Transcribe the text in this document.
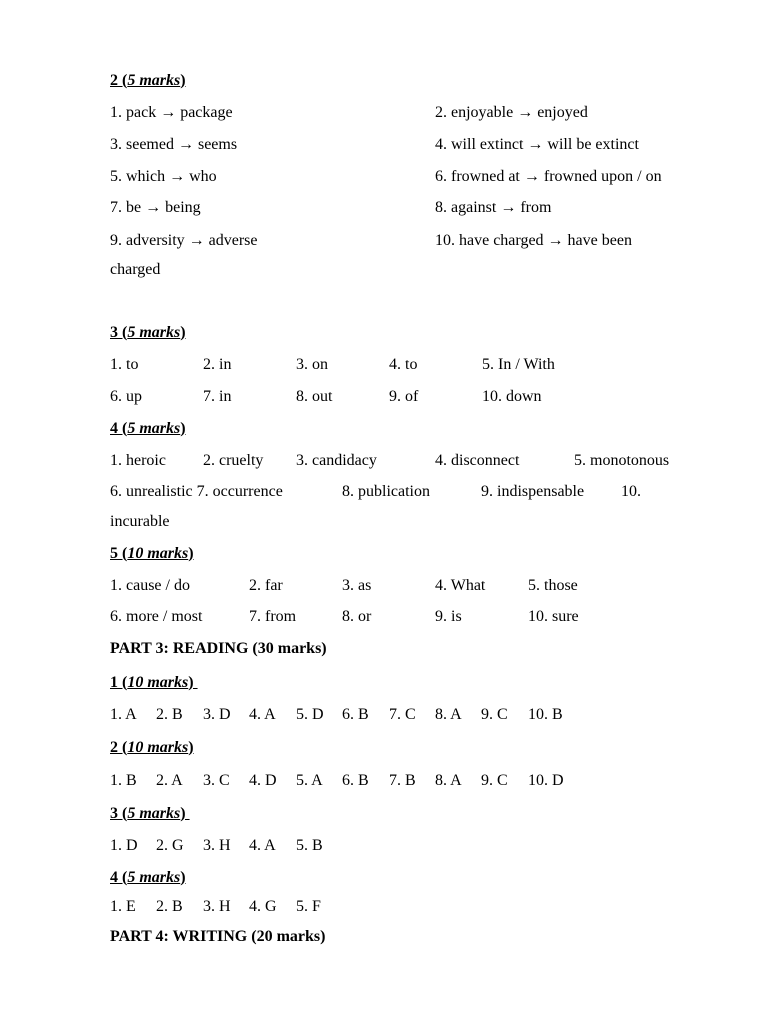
2 (5 marks)
1. pack → package	2. enjoyable → enjoyed
3. seemed → seems	4. will extinct → will be extinct
5. which → who	6. frowned at → frowned upon / on
7. be → being	8. against → from
9. adversity → adverse	10. have charged → have been
charged
3 (5 marks)
1. to	2. in	3. on	4. to	5. In / With
6. up	7. in	8. out	9. of	10. down
4 (5 marks)
1. heroic 2. cruelty 3. candidacy	4. disconnect	5. monotonous
6. unrealistic 7. occurrence	8. publication	9. indispensable 10.
incurable
5 (10 marks)
1. cause / do	2. far	3. as	4. What	5. those
6. more / most	7. from	8. or	9. is	10. sure
PART 3: READING (30 marks)
1 (10 marks)
1. A 2. B 3. D 4. A 5. D 6. B 7. C 8. A 9. C 10. B
2 (10 marks)
1. B 2. A 3. C 4. D 5. A 6. B 7. B 8. A 9. C 10. D
3 (5 marks)
1. D 2. G 3. H 4. A 5. B
4 (5 marks)
1. E 2. B 3. H 4. G 5. F
PART 4: WRITING (20 marks)
